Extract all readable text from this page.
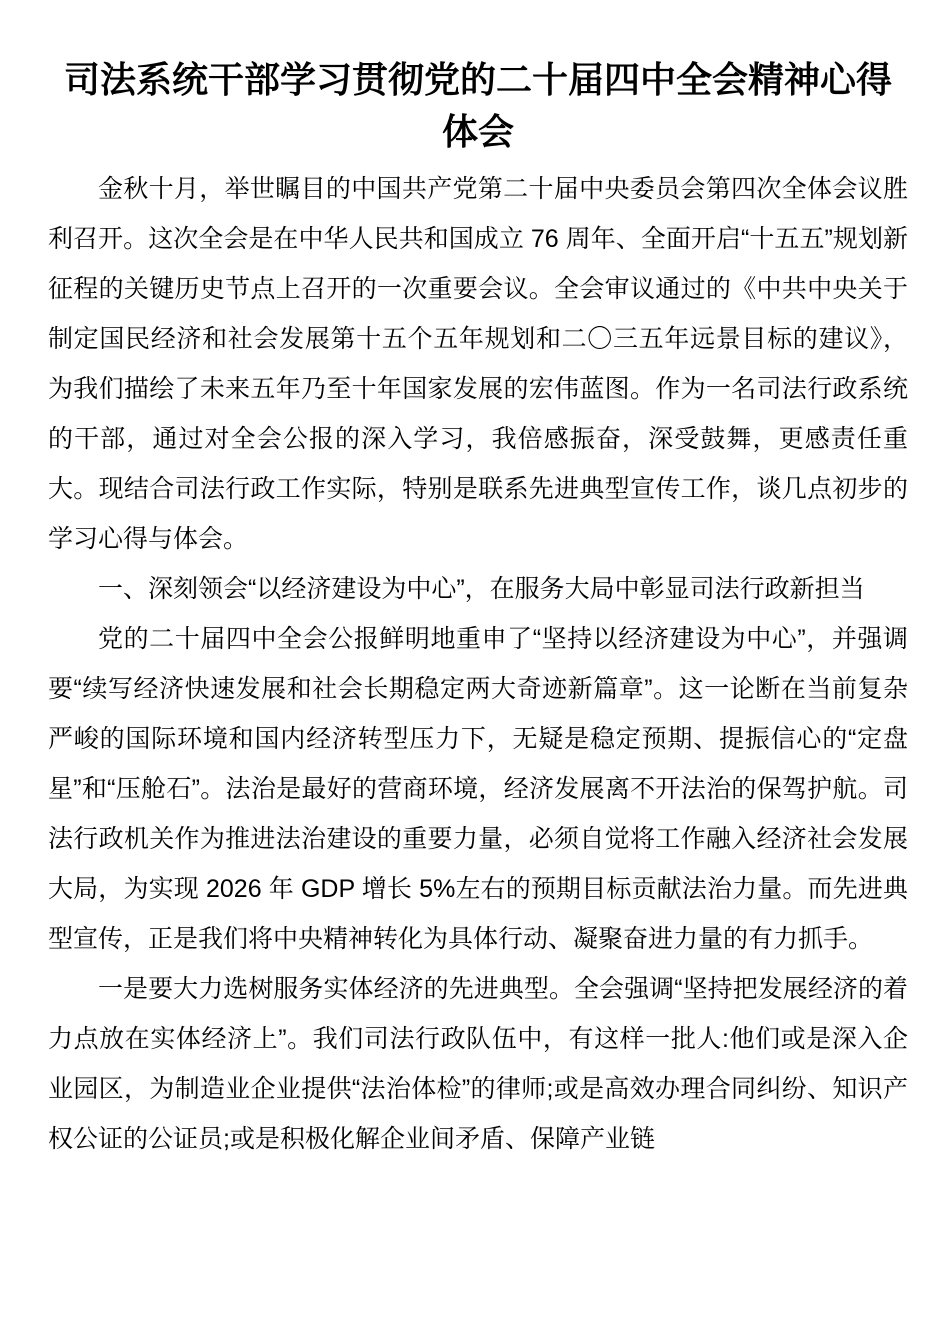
司法系统干部学习贯彻党的二十届四中全会精神心得体会

金秋十月，举世瞩目的中国共产党第二十届中央委员会第四次全体会议胜利召开。这次全会是在中华人民共和国成立 76 周年、全面开启“十五五”规划新征程的关键历史节点上召开的一次重要会议。全会审议通过的《中共中央关于制定国民经济和社会发展第十五个五年规划和二〇三五年远景目标的建议》，为我们描绘了未来五年乃至十年国家发展的宏伟蓝图。作为一名司法行政系统的干部，通过对全会公报的深入学习，我倍感振奋，深受鼓舞，更感责任重大。现结合司法行政工作实际，特别是联系先进典型宣传工作，谈几点初步的学习心得与体会。

一、深刻领会“以经济建设为中心”，在服务大局中彰显司法行政新担当

党的二十届四中全会公报鲜明地重申了“坚持以经济建设为中心”，并强调要“续写经济快速发展和社会长期稳定两大奇迹新篇章”。这一论断在当前复杂严峻的国际环境和国内经济转型压力下，无疑是稳定预期、提振信心的“定盘星”和“压舱石”。法治是最好的营商环境，经济发展离不开法治的保驾护航。司法行政机关作为推进法治建设的重要力量，必须自觉将工作融入经济社会发展大局，为实现 2026 年 GDP 增长 5%左右的预期目标贡献法治力量。而先进典型宣传，正是我们将中央精神转化为具体行动、凝聚奋进力量的有力抓手。

一是要大力选树服务实体经济的先进典型。全会强调“坚持把发展经济的着力点放在实体经济上”。我们司法行政队伍中，有这样一批人:他们或是深入企业园区，为制造业企业提供“法治体检”的律师;或是高效办理合同纠纷、知识产权公证的公证员;或是积极化解企业间矛盾、保障产业链
